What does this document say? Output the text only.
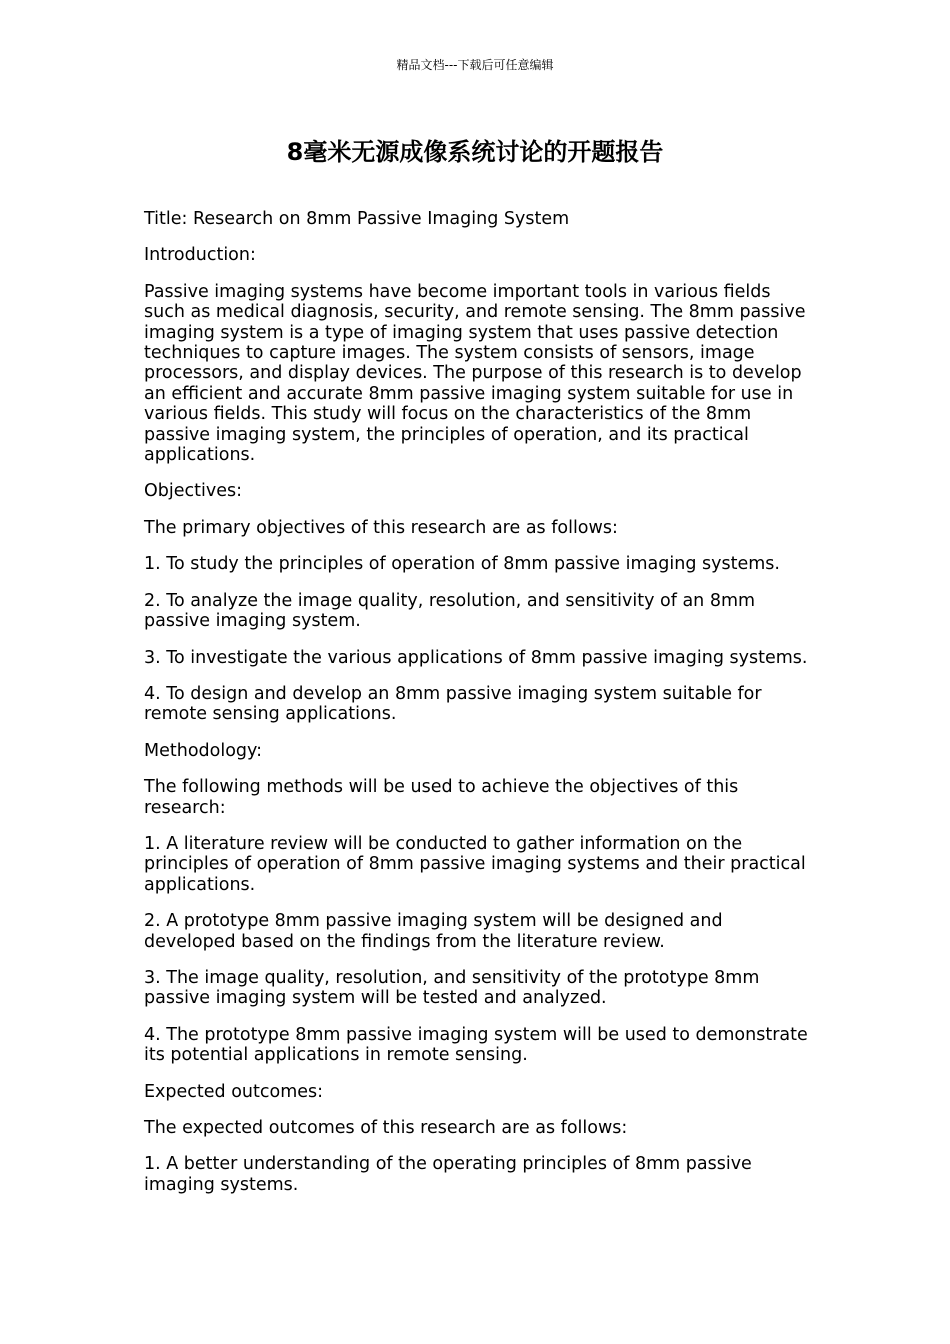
精品文档---下载后可任意编辑
8毫米无源成像系统讨论的开题报告

Title: Research on 8mm Passive Imaging System

Introduction:

Passive imaging systems have become important tools in various fields such as medical diagnosis, security, and remote sensing. The 8mm passive imaging system is a type of imaging system that uses passive detection techniques to capture images. The system consists of sensors, image processors, and display devices. The purpose of this research is to develop an efficient and accurate 8mm passive imaging system suitable for use in various fields. This study will focus on the characteristics of the 8mm passive imaging system, the principles of operation, and its practical applications.

Objectives:

The primary objectives of this research are as follows:

1. To study the principles of operation of 8mm passive imaging systems.

2. To analyze the image quality, resolution, and sensitivity of an 8mm passive imaging system.

3. To investigate the various applications of 8mm passive imaging systems.

4. To design and develop an 8mm passive imaging system suitable for remote sensing applications.

Methodology:

The following methods will be used to achieve the objectives of this research:

1. A literature review will be conducted to gather information on the principles of operation of 8mm passive imaging systems and their practical applications.

2. A prototype 8mm passive imaging system will be designed and developed based on the findings from the literature review.

3. The image quality, resolution, and sensitivity of the prototype 8mm passive imaging system will be tested and analyzed.

4. The prototype 8mm passive imaging system will be used to demonstrate its potential applications in remote sensing.

Expected outcomes:

The expected outcomes of this research are as follows:

1. A better understanding of the operating principles of 8mm passive imaging systems.
